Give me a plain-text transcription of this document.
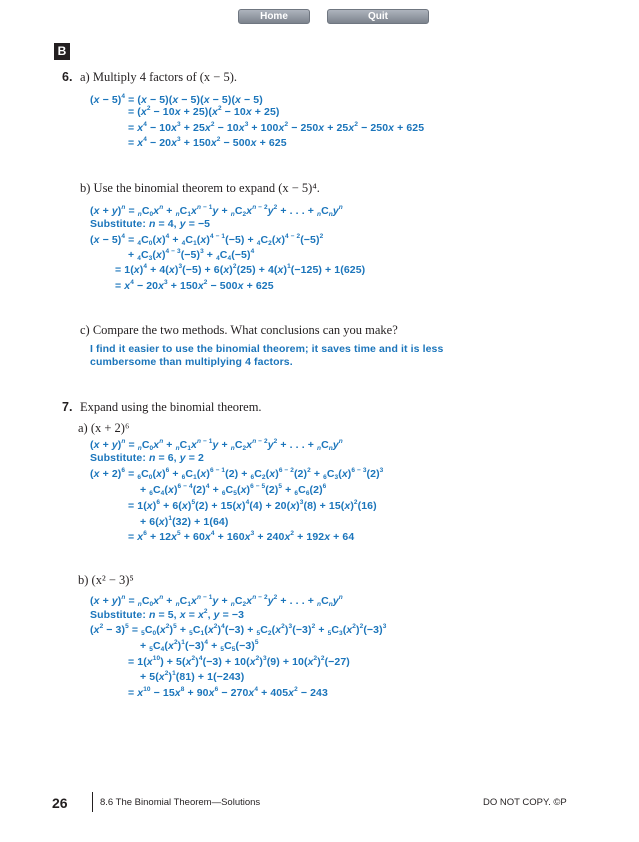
Home	Quit
B
6. a) Multiply 4 factors of (x − 5).
$(x - 5)^4 = (x - 5)(x - 5)(x - 5)(x - 5)$
= $(x^2 - 10x + 25)(x^2 - 10x + 25)$
= $x^4 - 10x^3 + 25x^2 - 10x^3 + 100x^2 - 250x + 25x^2 - 250x + 625$
= $x^4 - 20x^3 + 150x^2 - 500x + 625$
b) Use the binomial theorem to expand (x − 5)⁴.
$(x + y)^n = _nC_0x^n + _nC_1x^{n - 1}y + _nC_2x^{n - 2}y^2$ + . . . + $_nC_ny^n$
Substitute: n = 4, y = −5
$(x - 5)^4 = _4C_0(x)^4 + _4C_1(x)^{4 - 1}(-5) + _4C_2(x)^{4 - 2}(-5)^2$
+ $_4C_3(x)^{4 - 3}(-5)^3 + _4C_4(-5)^4$
= $1(x)^4 + 4(x)^3(-5) + 6(x)^2(25) + 4(x)^1(-125) + 1(625)$
= $x^4 - 20x^3 + 150x^2 - 500x + 625$
c) Compare the two methods. What conclusions can you make?
I find it easier to use the binomial theorem; it saves time and it is less
cumbersome than multiplying 4 factors.
7. Expand using the binomial theorem.
a) (x + 2)⁶
$(x + y)^n = _nC_0x^n + _nC_1x^{n - 1}y + _nC_2x^{n - 2}y^2$ + . . . + $_nC_ny^n$
Substitute: n = 6, y = 2
$(x + 2)^6 = _6C_0(x)^6 + _6C_1(x)^{6 - 1}(2) + _6C_2(x)^{6 - 2}(2)^2 + _6C_3(x)^{6 - 3}(2)^3$
+ $_6C_4(x)^{6 - 4}(2)^4 + _6C_5(x)^{6 - 5}(2)^5 + _6C_6(2)^6$
= $1(x)^6 + 6(x)^5(2) + 15(x)^4(4) + 20(x)^3(8) + 15(x)^2(16)$
+ $6(x)^1(32) + 1(64)$
= $x^6 + 12x^5 + 60x^4 + 160x^3 + 240x^2 + 192x + 64$
b) (x² − 3)⁵
$(x + y)^n = _nC_0x^n + _nC_1x^{n - 1}y + _nC_2x^{n - 2}y^2$ + . . . + $_nC_ny^n$
Substitute: n = 5, $x = x^2$, y = −3
$(x^2 - 3)^5 = _5C_0(x^2)^5 + _5C_1(x^2)^4(-3) + _5C_2(x^2)^3(-3)^2 + _5C_3(x^2)^2(-3)^3$
+ $_5C_4(x^2)^1(-3)^4 + _5C_5(-3)^5$
= $1(x^{10}) + 5(x^2)^4(-3) + 10(x^2)^3(9) + 10(x^2)^2(-27)$
+ $5(x^2)^1(81) + 1(-243)$
= $x^{10} - 15x^8 + 90x^6 - 270x^4 + 405x^2 - 243$
26	8.6 The Binomial Theorem—Solutions	DO NOT COPY. ©P
